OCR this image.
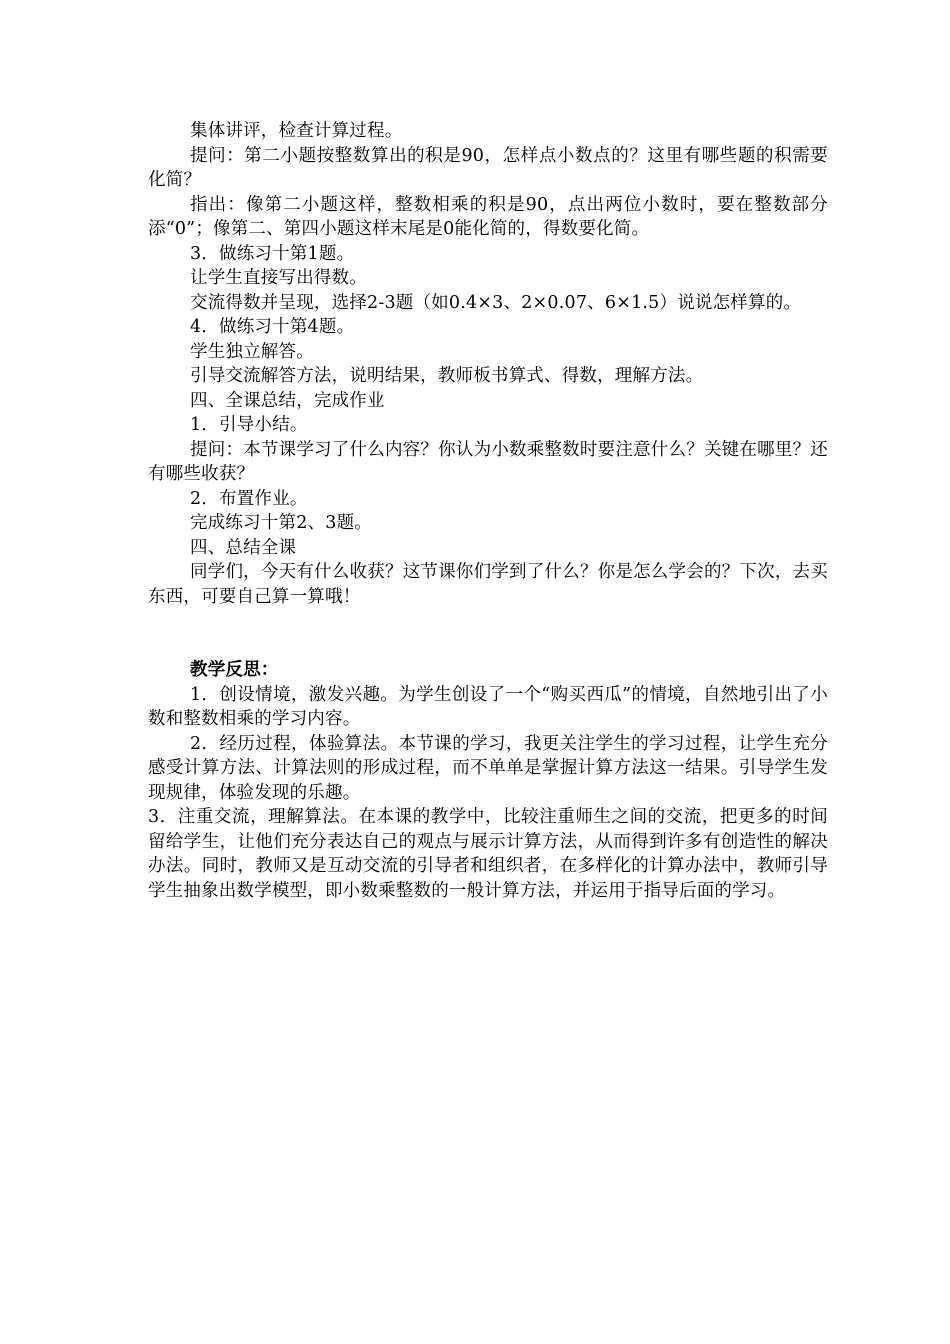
集体讲评，检查计算过程。

提问：第二小题按整数算出的积是90，怎样点小数点的？这里有哪些题的积需要化简？

指出：像第二小题这样，整数相乘的积是90，点出两位小数时，要在整数部分添“0”；像第二、第四小题这样末尾是0能化简的，得数要化简。

3．做练习十第1题。

让学生直接写出得数。

交流得数并呈现，选择2-3题（如0.4×3、2×0.07、6×1.5）说说怎样算的。

4．做练习十第4题。

学生独立解答。

引导交流解答方法，说明结果，教师板书算式、得数，理解方法。

四、全课总结，完成作业

1．引导小结。

提问：本节课学习了什么内容？你认为小数乘整数时要注意什么？关键在哪里？还有哪些收获？

2．布置作业。

完成练习十第2、3题。

四、总结全课

同学们，今天有什么收获？这节课你们学到了什么？你是怎么学会的？下次，去买东西，可要自己算一算哦！

教学反思：

1．创设情境，激发兴趣。为学生创设了一个“购买西瓜”的情境，自然地引出了小数和整数相乘的学习内容。

2．经历过程，体验算法。本节课的学习，我更关注学生的学习过程，让学生充分感受计算方法、计算法则的形成过程，而不单单是掌握计算方法这一结果。引导学生发现规律，体验发现的乐趣。

3．注重交流，理解算法。在本课的教学中，比较注重师生之间的交流，把更多的时间留给学生，让他们充分表达自己的观点与展示计算方法，从而得到许多有创造性的解决办法。同时，教师又是互动交流的引导者和组织者，在多样化的计算办法中，教师引导学生抽象出数学模型，即小数乘整数的一般计算方法，并运用于指导后面的学习。
